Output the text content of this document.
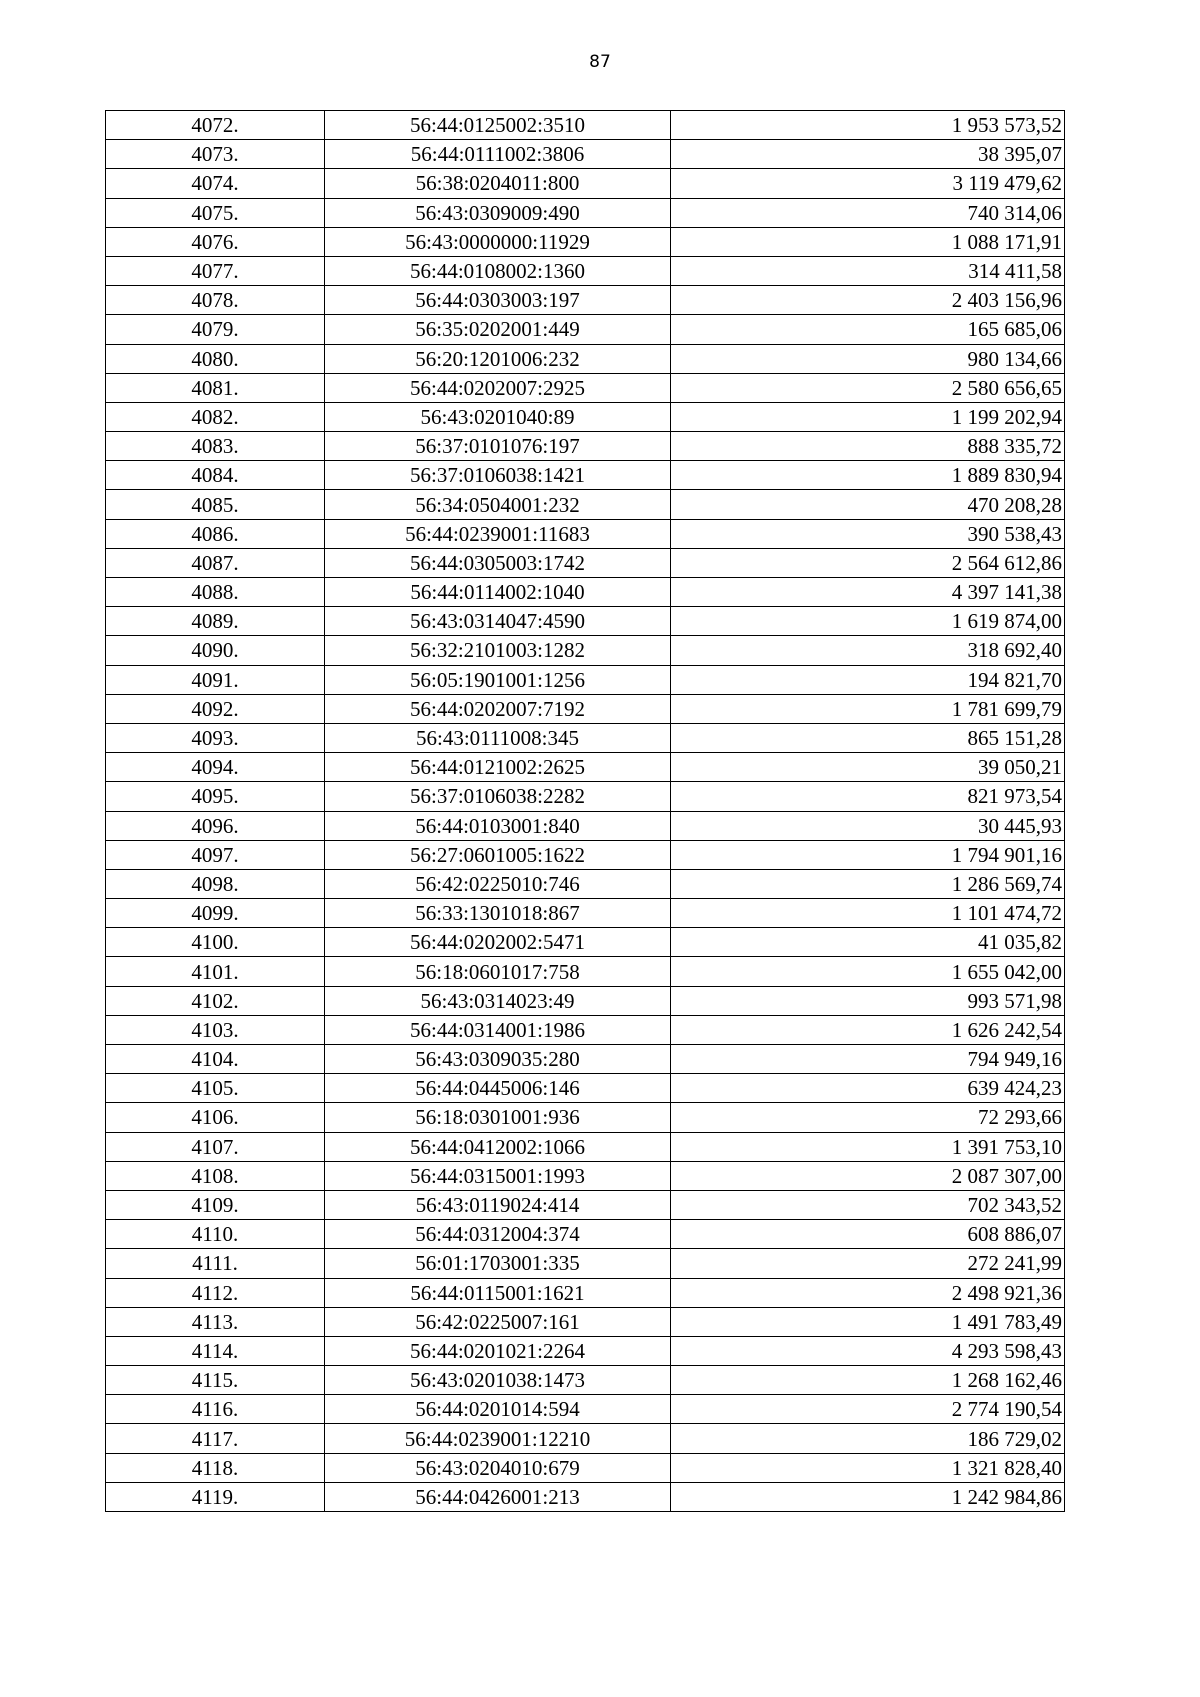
87
4072.	56:44:0125002:3510	1 953 573,52
4073.	56:44:0111002:3806	38 395,07
4074.	56:38:0204011:800	3 119 479,62
4075.	56:43:0309009:490	740 314,06
4076.	56:43:0000000:11929	1 088 171,91
4077.	56:44:0108002:1360	314 411,58
4078.	56:44:0303003:197	2 403 156,96
4079.	56:35:0202001:449	165 685,06
4080.	56:20:1201006:232	980 134,66
4081.	56:44:0202007:2925	2 580 656,65
4082.	56:43:0201040:89	1 199 202,94
4083.	56:37:0101076:197	888 335,72
4084.	56:37:0106038:1421	1 889 830,94
4085.	56:34:0504001:232	470 208,28
4086.	56:44:0239001:11683	390 538,43
4087.	56:44:0305003:1742	2 564 612,86
4088.	56:44:0114002:1040	4 397 141,38
4089.	56:43:0314047:4590	1 619 874,00
4090.	56:32:2101003:1282	318 692,40
4091.	56:05:1901001:1256	194 821,70
4092.	56:44:0202007:7192	1 781 699,79
4093.	56:43:0111008:345	865 151,28
4094.	56:44:0121002:2625	39 050,21
4095.	56:37:0106038:2282	821 973,54
4096.	56:44:0103001:840	30 445,93
4097.	56:27:0601005:1622	1 794 901,16
4098.	56:42:0225010:746	1 286 569,74
4099.	56:33:1301018:867	1 101 474,72
4100.	56:44:0202002:5471	41 035,82
4101.	56:18:0601017:758	1 655 042,00
4102.	56:43:0314023:49	993 571,98
4103.	56:44:0314001:1986	1 626 242,54
4104.	56:43:0309035:280	794 949,16
4105.	56:44:0445006:146	639 424,23
4106.	56:18:0301001:936	72 293,66
4107.	56:44:0412002:1066	1 391 753,10
4108.	56:44:0315001:1993	2 087 307,00
4109.	56:43:0119024:414	702 343,52
4110.	56:44:0312004:374	608 886,07
4111.	56:01:1703001:335	272 241,99
4112.	56:44:0115001:1621	2 498 921,36
4113.	56:42:0225007:161	1 491 783,49
4114.	56:44:0201021:2264	4 293 598,43
4115.	56:43:0201038:1473	1 268 162,46
4116.	56:44:0201014:594	2 774 190,54
4117.	56:44:0239001:12210	186 729,02
4118.	56:43:0204010:679	1 321 828,40
4119.	56:44:0426001:213	1 242 984,86
